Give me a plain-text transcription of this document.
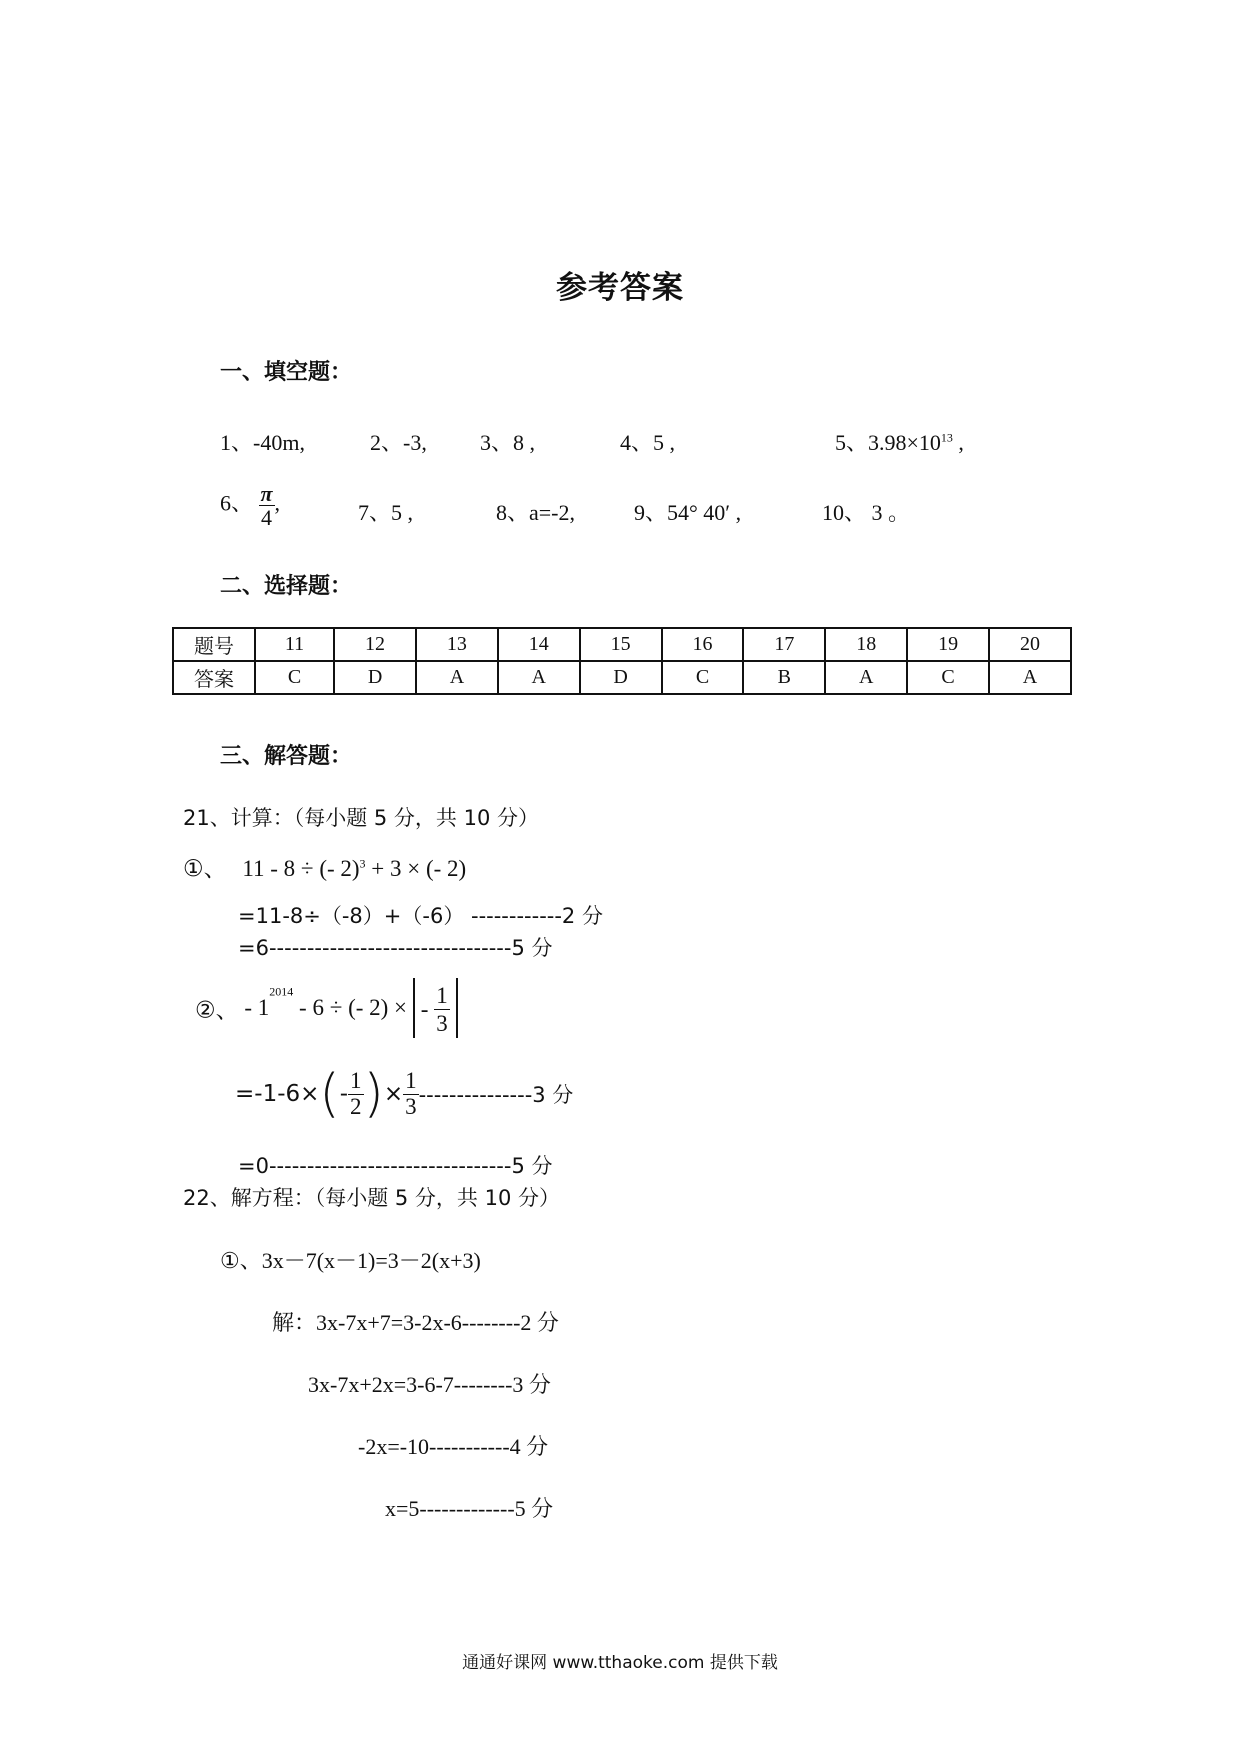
参考答案
一、填空题：
1、-40m,	2、-3, 3、8 ,	4、5 ,	5、$3.98\times 10^{13}$ ,
6、 $\frac{\pi}{4}$ ,	7、5 ,	8、a=-2,	9、54° 40′ ,	10、 3 。
二、选择题：
题号	11	12	13	14	15	16	17	18	19	20
答案	C	D	A	A	D	C	B	A	C	A
三、解答题：
21、计算：（每小题 5 分，共 10 分）
①、 11 - 8 ÷ (- 2)$^3$ + 3 × (- 2)
=11-8÷（-8）+（-6） ------------2 分
=6--------------------------------5 分
②、 - $1^{2014} - 6$ ÷ (- 2) × - $\frac{1}{3}$
$=-1-6\times(- \frac{1}{2}$ )× $\frac{1}{3} ---------------3$ 分
=0--------------------------------5 分
22、解方程：（每小题 5 分，共 10 分）
①、3x－7(x－1)=3－2(x+3)
解：3x-7x+7=3-2x-6--------2 分
3x-7x+2x=3-6-7--------3 分
-2x=-10-----------4 分
x=5-------------5 分
通通好课网 www.tthaoke.com 提供下载
